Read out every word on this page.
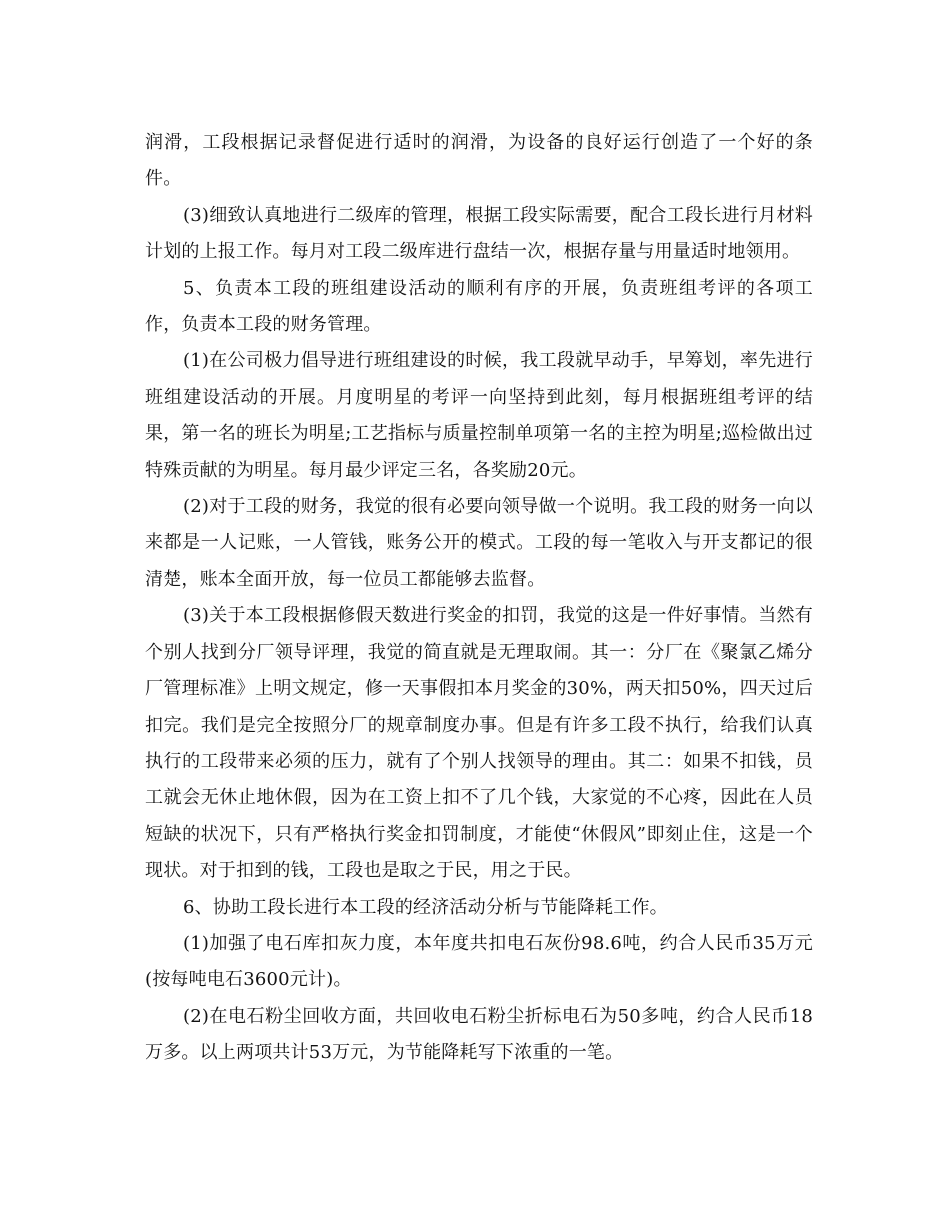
润滑，工段根据记录督促进行适时的润滑，为设备的良好运行创造了一个好的条件。

(3)细致认真地进行二级库的管理，根据工段实际需要，配合工段长进行月材料计划的上报工作。每月对工段二级库进行盘结一次，根据存量与用量适时地领用。

5、负责本工段的班组建设活动的顺利有序的开展，负责班组考评的各项工作，负责本工段的财务管理。

(1)在公司极力倡导进行班组建设的时候，我工段就早动手，早筹划，率先进行班组建设活动的开展。月度明星的考评一向坚持到此刻，每月根据班组考评的结果，第一名的班长为明星;工艺指标与质量控制单项第一名的主控为明星;巡检做出过特殊贡献的为明星。每月最少评定三名，各奖励20元。

(2)对于工段的财务，我觉的很有必要向领导做一个说明。我工段的财务一向以来都是一人记账，一人管钱，账务公开的模式。工段的每一笔收入与开支都记的很清楚，账本全面开放，每一位员工都能够去监督。

(3)关于本工段根据修假天数进行奖金的扣罚，我觉的这是一件好事情。当然有个别人找到分厂领导评理，我觉的简直就是无理取闹。其一：分厂在《聚氯乙烯分厂管理标准》上明文规定，修一天事假扣本月奖金的30%，两天扣50%，四天过后扣完。我们是完全按照分厂的规章制度办事。但是有许多工段不执行，给我们认真执行的工段带来必须的压力，就有了个别人找领导的理由。其二：如果不扣钱，员工就会无休止地休假，因为在工资上扣不了几个钱，大家觉的不心疼，因此在人员短缺的状况下，只有严格执行奖金扣罚制度，才能使“休假风”即刻止住，这是一个现状。对于扣到的钱，工段也是取之于民，用之于民。

6、协助工段长进行本工段的经济活动分析与节能降耗工作。

(1)加强了电石库扣灰力度，本年度共扣电石灰份98.6吨，约合人民币35万元(按每吨电石3600元计)。

(2)在电石粉尘回收方面，共回收电石粉尘折标电石为50多吨，约合人民币18万多。以上两项共计53万元，为节能降耗写下浓重的一笔。
